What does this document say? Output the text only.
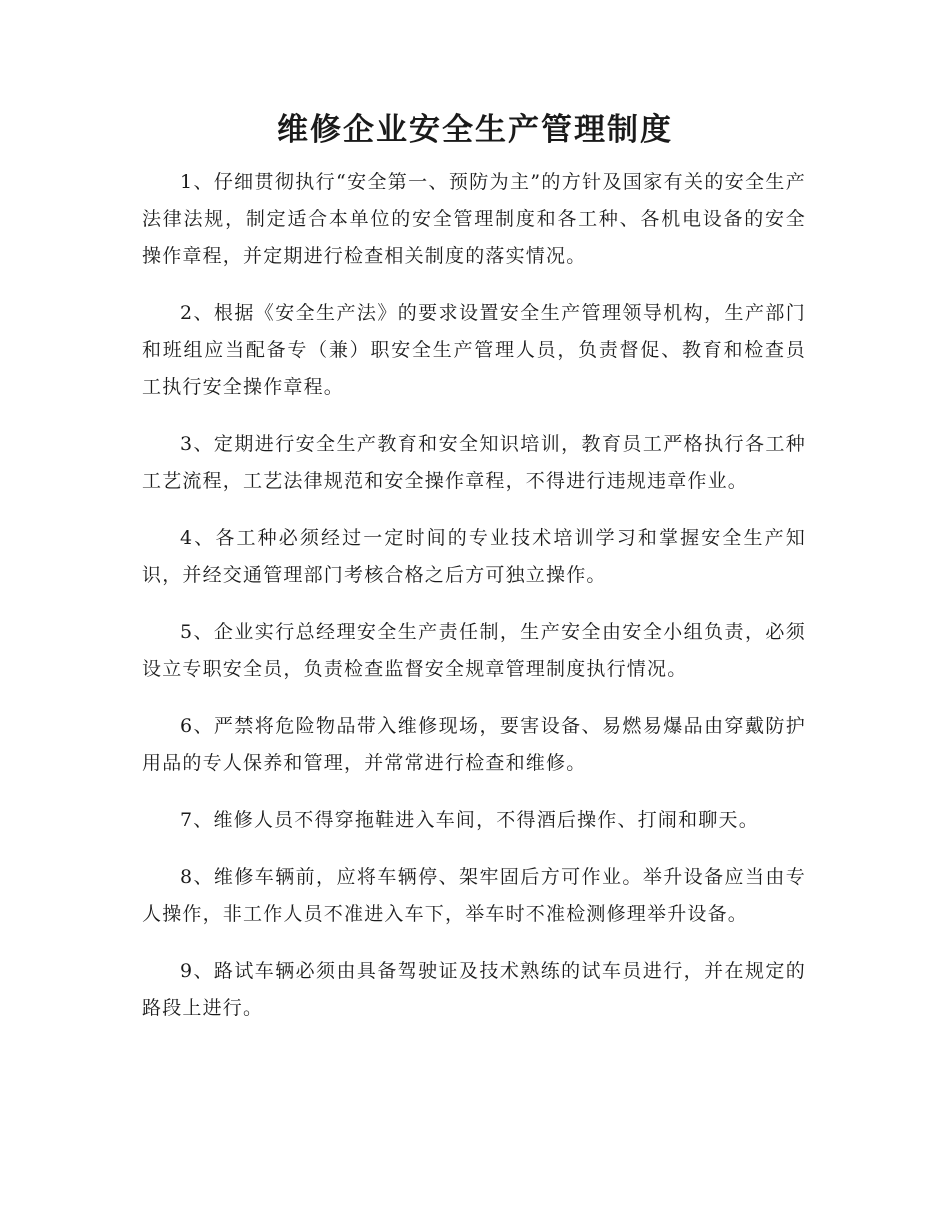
维修企业安全生产管理制度
1、仔细贯彻执行“安全第一、预防为主”的方针及国家有关的安全生产法律法规，制定适合本单位的安全管理制度和各工种、各机电设备的安全操作章程，并定期进行检查相关制度的落实情况。
2、根据《安全生产法》的要求设置安全生产管理领导机构，生产部门和班组应当配备专（兼）职安全生产管理人员，负责督促、教育和检查员工执行安全操作章程。
3、定期进行安全生产教育和安全知识培训，教育员工严格执行各工种工艺流程，工艺法律规范和安全操作章程，不得进行违规违章作业。
4、各工种必须经过一定时间的专业技术培训学习和掌握安全生产知识，并经交通管理部门考核合格之后方可独立操作。
5、企业实行总经理安全生产责任制，生产安全由安全小组负责，必须设立专职安全员，负责检查监督安全规章管理制度执行情况。
6、严禁将危险物品带入维修现场，要害设备、易燃易爆品由穿戴防护用品的专人保养和管理，并常常进行检查和维修。
7、维修人员不得穿拖鞋进入车间，不得酒后操作、打闹和聊天。
8、维修车辆前，应将车辆停、架牢固后方可作业。举升设备应当由专人操作，非工作人员不准进入车下，举车时不准检测修理举升设备。
9、路试车辆必须由具备驾驶证及技术熟练的试车员进行，并在规定的路段上进行。
